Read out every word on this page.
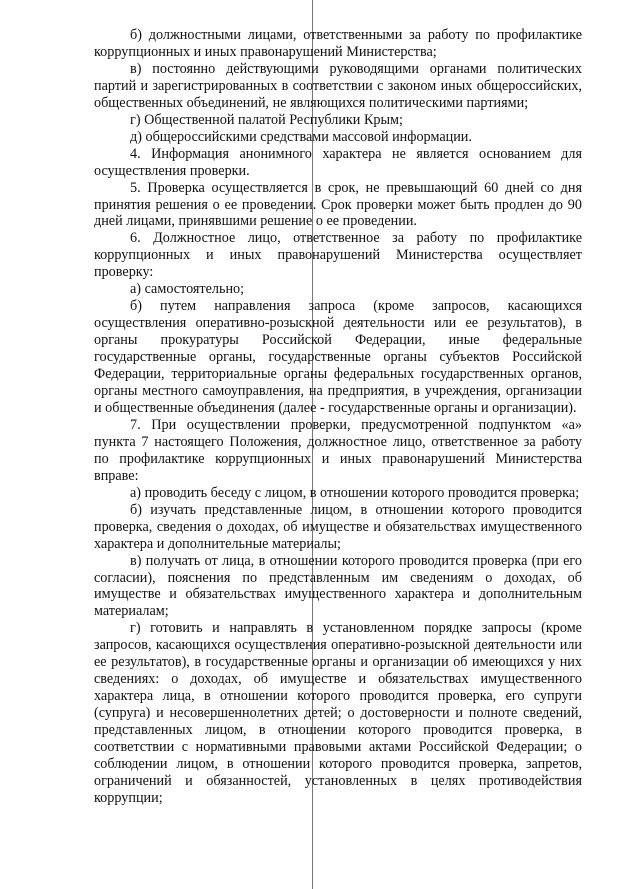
б) должностными лицами, ответственными за работу по профилактике коррупционных и иных правонарушений Министерства;

в) постоянно действующими руководящими органами политических партий и зарегистрированных в соответствии с законом иных общероссийских, общественных объединений, не являющихся политическими партиями;

г) Общественной палатой Республики Крым;

д) общероссийскими средствами массовой информации.

4. Информация анонимного характера не является основанием для осуществления проверки.

5. Проверка осуществляется в срок, не превышающий 60 дней со дня принятия решения о ее проведении. Срок проверки может быть продлен до 90 дней лицами, принявшими решение о ее проведении.

6. Должностное лицо, ответственное за работу по профилактике коррупционных и иных правонарушений Министерства осуществляет проверку:

а) самостоятельно;

б) путем направления запроса (кроме запросов, касающихся осуществления оперативно-розыскной деятельности или ее результатов), в органы прокуратуры Российской Федерации, иные федеральные государственные органы, государственные органы субъектов Российской Федерации, территориальные органы федеральных государственных органов, органы местного самоуправления, на предприятия, в учреждения, организации и общественные объединения (далее - государственные органы и организации).

7. При осуществлении проверки, предусмотренной подпунктом «а» пункта 7 настоящего Положения, должностное лицо, ответственное за работу по профилактике коррупционных и иных правонарушений Министерства вправе:

а) проводить беседу с лицом, в отношении которого проводится проверка;

б) изучать представленные лицом, в отношении которого проводится проверка, сведения о доходах, об имуществе и обязательствах имущественного характера и дополнительные материалы;

в) получать от лица, в отношении которого проводится проверка (при его согласии), пояснения по представленным им сведениям о доходах, об имуществе и обязательствах имущественного характера и дополнительным материалам;

г) готовить и направлять в установленном порядке запросы (кроме запросов, касающихся осуществления оперативно-розыскной деятельности или ее результатов), в государственные органы и организации об имеющихся у них сведениях: о доходах, об имуществе и обязательствах имущественного характера лица, в отношении которого проводится проверка, его супруги (супруга) и несовершеннолетних детей; о достоверности и полноте сведений, представленных лицом, в отношении которого проводится проверка, в соответствии с нормативными правовыми актами Российской Федерации; о соблюдении лицом, в отношении которого проводится проверка, запретов, ограничений и обязанностей, установленных в целях противодействия коррупции;
